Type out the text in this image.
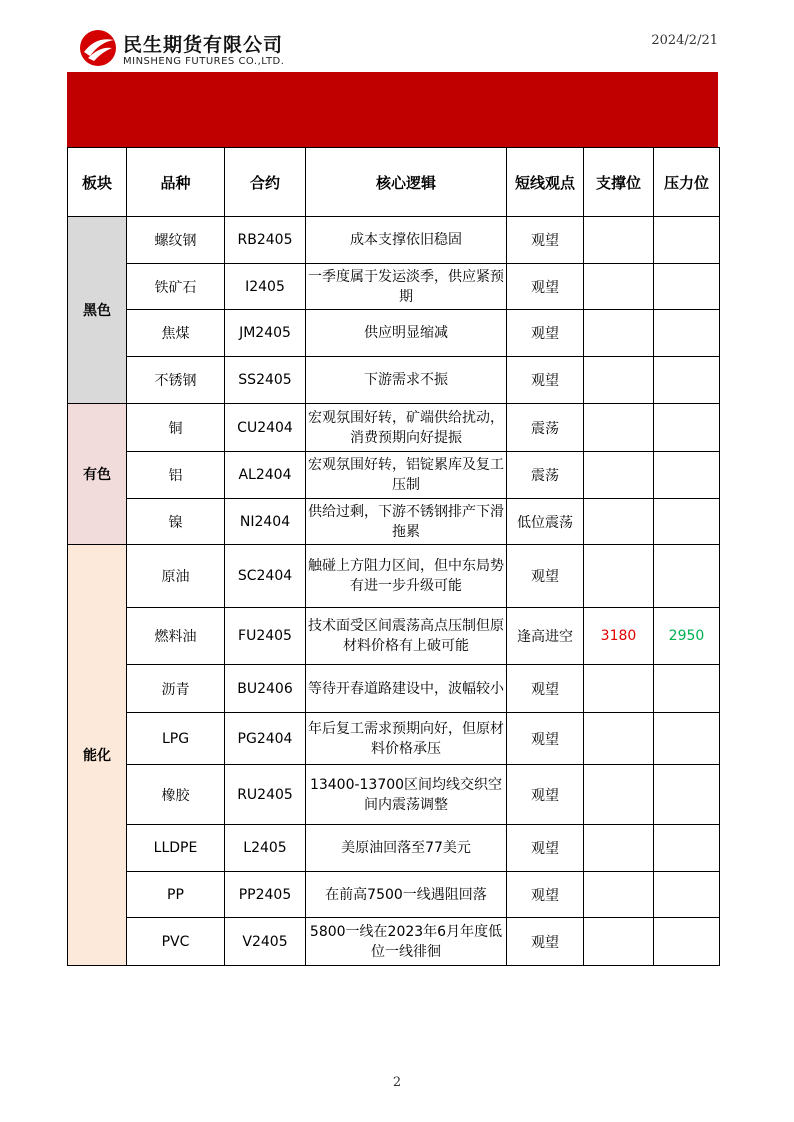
民生期货有限公司
MINSHENG FUTURES CO.,LTD.
2024/2/21
板块	品种	合约	核心逻辑	短线观点	支撑位	压力位
黑色	螺纹钢	RB2405	成本支撑依旧稳固	观望		
	铁矿石	I2405	一季度属于发运淡季，供应紧预期	观望		
	焦煤	JM2405	供应明显缩减	观望		
	不锈钢	SS2405	下游需求不振	观望		
有色	铜	CU2404	宏观氛围好转，矿端供给扰动，消费预期向好提振	震荡		
	铝	AL2404	宏观氛围好转，铝锭累库及复工压制	震荡		
	镍	NI2404	供给过剩，下游不锈钢排产下滑拖累	低位震荡		
能化	原油	SC2404	触碰上方阻力区间，但中东局势有进一步升级可能	观望		
	燃料油	FU2405	技术面受区间震荡高点压制但原材料价格有上破可能	逢高进空	3180	2950
	沥青	BU2406	等待开春道路建设中，波幅较小	观望		
	LPG	PG2404	年后复工需求预期向好，但原材料价格承压	观望		
	橡胶	RU2405	13400-13700区间均线交织空间内震荡调整	观望		
	LLDPE	L2405	美原油回落至77美元	观望		
	PP	PP2405	在前高7500一线遇阻回落	观望		
	PVC	V2405	5800一线在2023年6月年度低位一线徘徊	观望		
2
